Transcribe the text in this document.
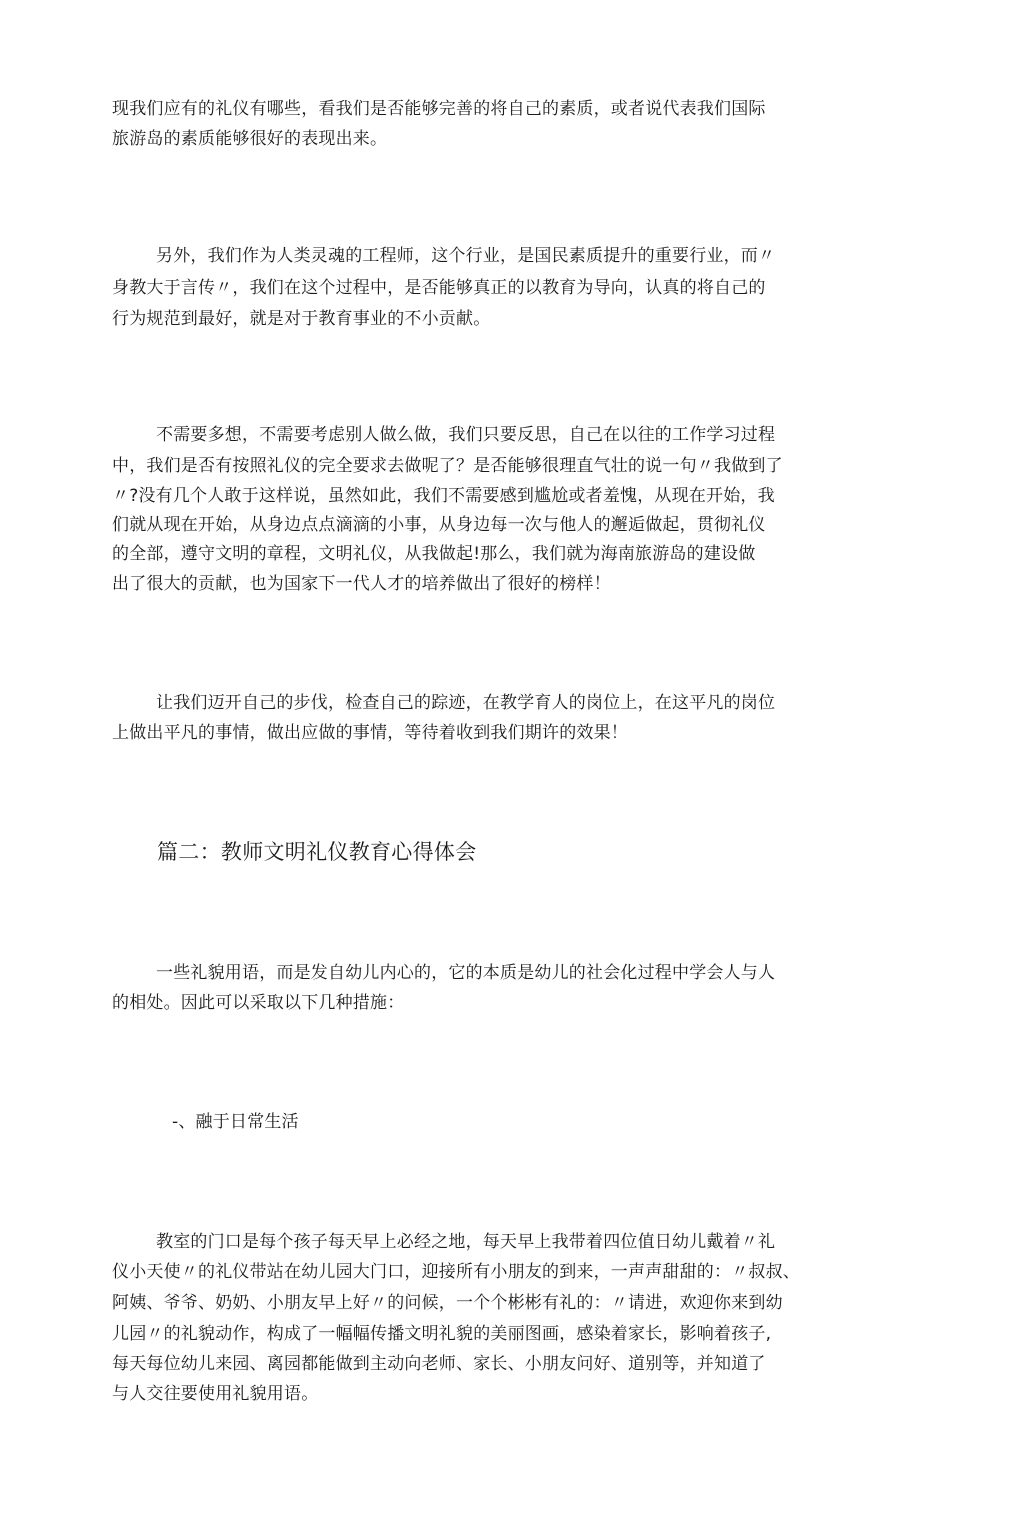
现我们应有的礼仪有哪些，看我们是否能够完善的将自己的素质，或者说代表我们国际
旅游岛的素质能够很好的表现出来。
另外，我们作为人类灵魂的工程师，这个行业，是国民素质提升的重要行业，而〃
身教大于言传〃，我们在这个过程中，是否能够真正的以教育为导向，认真的将自己的
行为规范到最好，就是对于教育事业的不小贡献。
不需要多想，不需要考虑别人做么做，我们只要反思，自己在以往的工作学习过程
中，我们是否有按照礼仪的完全要求去做呢了？是否能够很理直气壮的说一句〃我做到了
〃?没有几个人敢于这样说，虽然如此，我们不需要感到尴尬或者羞愧，从现在开始，我
们就从现在开始，从身边点点滴滴的小事，从身边每一次与他人的邂逅做起，贯彻礼仪
的全部，遵守文明的章程，文明礼仪，从我做起!那么，我们就为海南旅游岛的建设做
出了很大的贡献，也为国家下一代人才的培养做出了很好的榜样！
让我们迈开自己的步伐，检查自己的踪迹，在教学育人的岗位上，在这平凡的岗位
上做出平凡的事情，做出应做的事情，等待着收到我们期许的效果！
篇二：教师文明礼仪教育心得体会
一些礼貌用语，而是发自幼儿内心的，它的本质是幼儿的社会化过程中学会人与人
的相处。因此可以采取以下几种措施：
-、融于日常生活
教室的门口是每个孩子每天早上必经之地，每天早上我带着四位值日幼儿戴着〃礼
仪小天使〃的礼仪带站在幼儿园大门口，迎接所有小朋友的到来，一声声甜甜的：〃叔叔、
阿姨、爷爷、奶奶、小朋友早上好〃的问候，一个个彬彬有礼的：〃请进，欢迎你来到幼
儿园〃的礼貌动作，构成了一幅幅传播文明礼貌的美丽图画，感染着家长，影响着孩子,
每天每位幼儿来园、离园都能做到主动向老师、家长、小朋友问好、道别等，并知道了
与人交往要使用礼貌用语。
